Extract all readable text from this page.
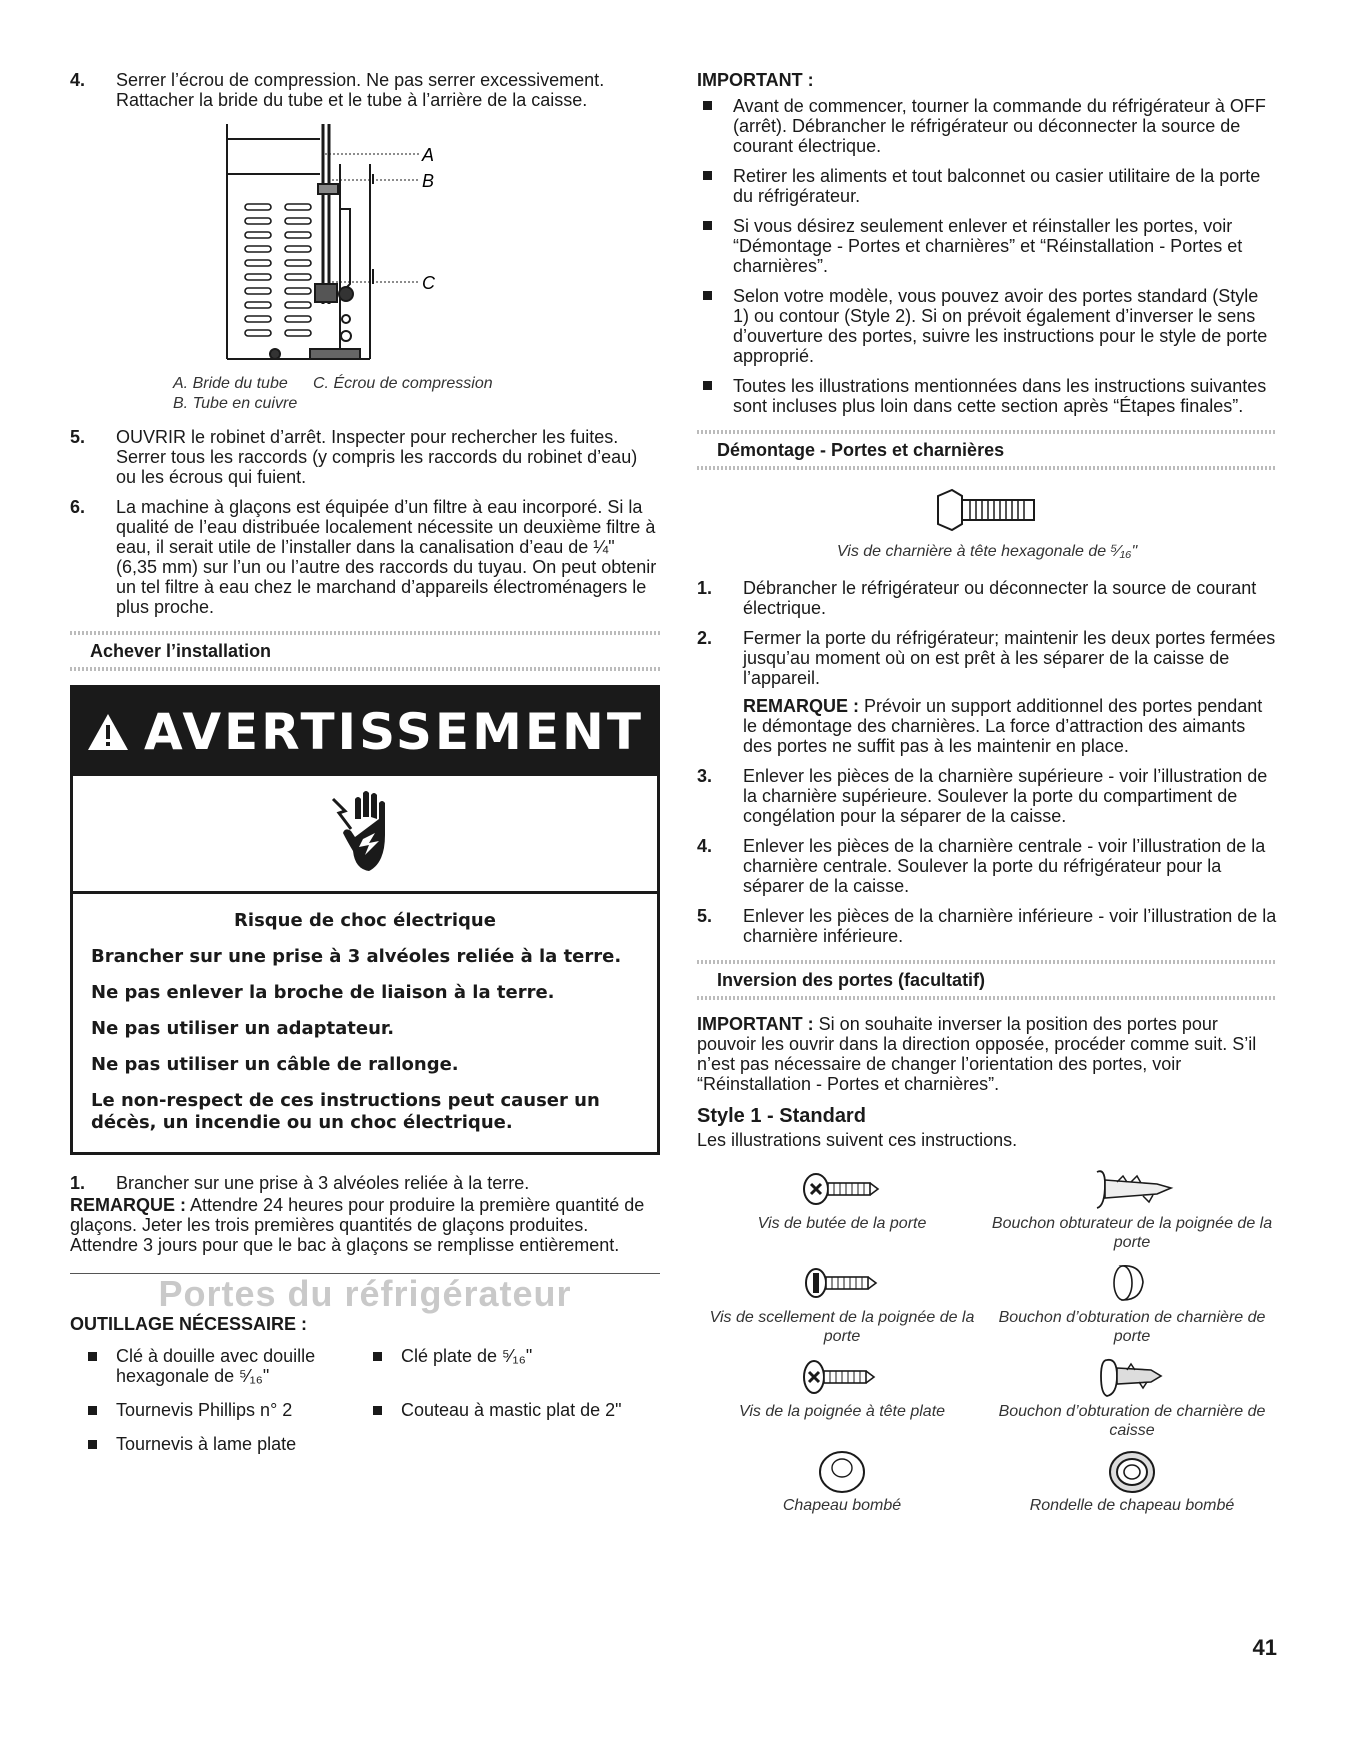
4.	Serrer l’écrou de compression. Ne pas serrer excessivement. Rattacher la bride du tube et le tube à l’arrière de la caisse.
A
B
C
A. Bride du tube C. Écrou de compression
B. Tube en cuivre
5.	OUVRIR le robinet d’arrêt. Inspecter pour rechercher les fuites. Serrer tous les raccords (y compris les raccords du robinet d’eau) ou les écrous qui fuient.
6.	La machine à glaçons est équipée d’un filtre à eau incorporé. Si la qualité de l’eau distribuée localement nécessite un deuxième filtre à eau, il serait utile de l’installer dans la canalisation d’eau de ¼" (6,35 mm) sur l’un ou l’autre des raccords du tuyau. On peut obtenir un tel filtre à eau chez le marchand d’appareils électroménagers le plus proche.
Achever l’installation
AVERTISSEMENT

Risque de choc électrique

Brancher sur une prise à 3 alvéoles reliée à la terre.

Ne pas enlever la broche de liaison à la terre.

Ne pas utiliser un adaptateur.

Ne pas utiliser un câble de rallonge.

Le non-respect de ces instructions peut causer un décès, un incendie ou un choc électrique.

1.	Brancher sur une prise à 3 alvéoles reliée à la terre.

REMARQUE : Attendre 24 heures pour produire la première quantité de glaçons. Jeter les trois premières quantités de glaçons produites. Attendre 3 jours pour que le bac à glaçons se remplisse entièrement.

Portes du réfrigérateur
OUTILLAGE NÉCESSAIRE :
Clé à douille avec douille hexagonale de ⁵⁄₁₆"
Clé plate de ⁵⁄₁₆"
Tournevis Phillips n° 2	Couteau à mastic plat de 2"
Tournevis à lame plate
IMPORTANT :
Avant de commencer, tourner la commande du réfrigérateur à OFF (arrêt). Débrancher le réfrigérateur ou déconnecter la source de courant électrique.
Retirer les aliments et tout balconnet ou casier utilitaire de la porte du réfrigérateur.
Si vous désirez seulement enlever et réinstaller les portes, voir “Démontage - Portes et charnières” et “Réinstallation - Portes et charnières”.
Selon votre modèle, vous pouvez avoir des portes standard (Style 1) ou contour (Style 2). Si on prévoit également d’inverser le sens d’ouverture des portes, suivre les instructions pour le style de porte approprié.
Toutes les illustrations mentionnées dans les instructions suivantes sont incluses plus loin dans cette section après “Étapes finales”.
Démontage - Portes et charnières
Vis de charnière à tête hexagonale de ⁵⁄₁₆"
1.	Débrancher le réfrigérateur ou déconnecter la source de courant électrique.
2.	Fermer la porte du réfrigérateur; maintenir les deux portes fermées jusqu’au moment où on est prêt à les séparer de la caisse de l’appareil.
REMARQUE : Prévoir un support additionnel des portes pendant le démontage des charnières. La force d’attraction des aimants des portes ne suffit pas à les maintenir en place.
3.	Enlever les pièces de la charnière supérieure - voir l’illustration de la charnière supérieure. Soulever la porte du compartiment de congélation pour la séparer de la caisse.
4.	Enlever les pièces de la charnière centrale - voir l’illustration de la charnière centrale. Soulever la porte du réfrigérateur pour la séparer de la caisse.
5.	Enlever les pièces de la charnière inférieure - voir l’illustration de la charnière inférieure.
Inversion des portes (facultatif)

IMPORTANT : Si on souhaite inverser la position des portes pour pouvoir les ouvrir dans la direction opposée, procéder comme suit. S’il n’est pas nécessaire de changer l’orientation des portes, voir “Réinstallation - Portes et charnières”.

Style 1 - Standard
Les illustrations suivent ces instructions.
Vis de butée de la porte	Bouchon obturateur de la poignée de la porte
Vis de scellement de la poignée de la porte
Bouchon d’obturation de charnière de porte
Vis de la poignée à tête plate	Bouchon d’obturation de charnière de caisse
Chapeau bombé	Rondelle de chapeau bombé
41
